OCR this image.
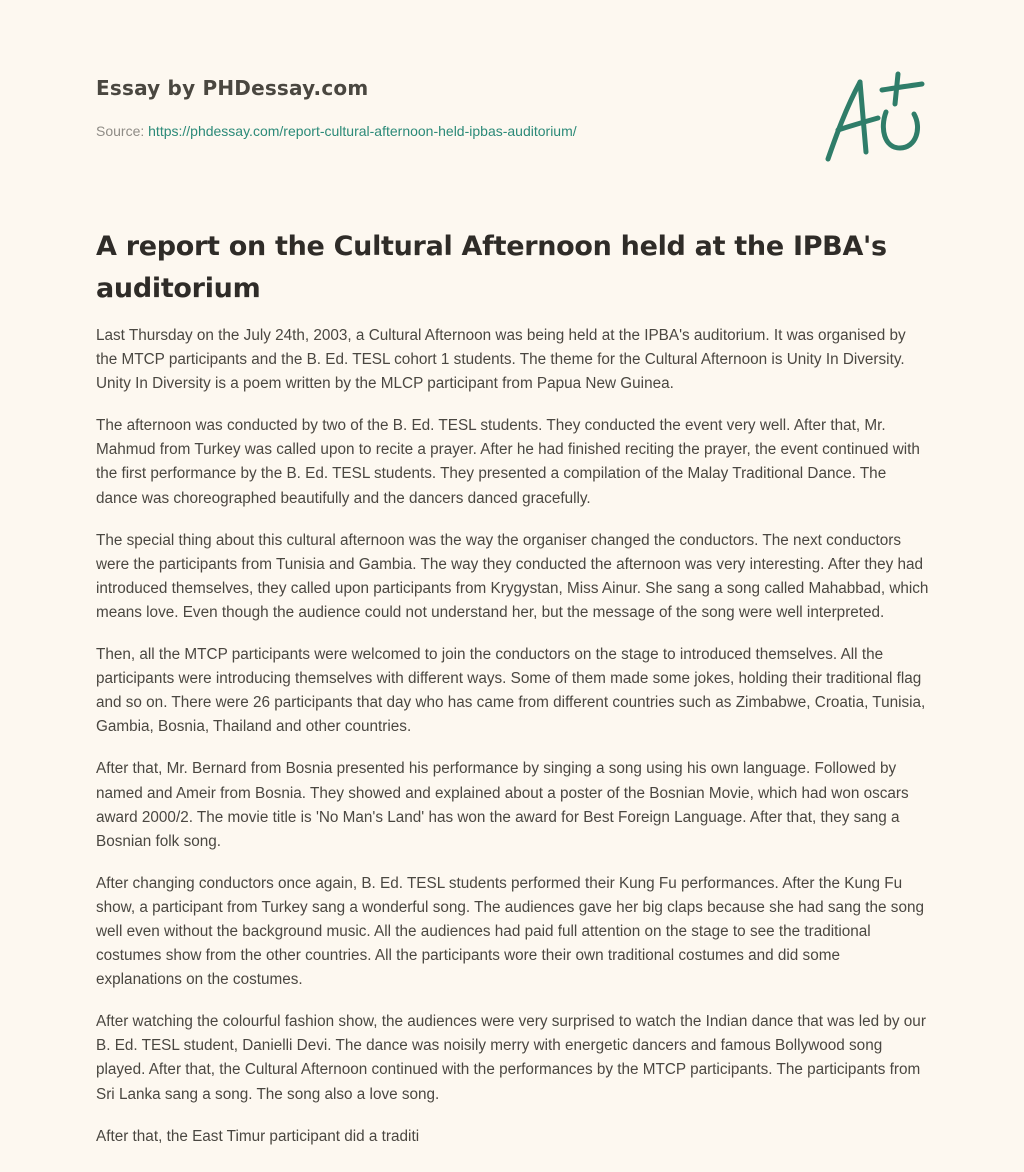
Essay by PHDessay.com
Source: https://phdessay.com/report-cultural-afternoon-held-ipbas-auditorium/
A report on the Cultural Afternoon held at the IPBA's auditorium

Last Thursday on the July 24th, 2003, a Cultural Afternoon was being held at the IPBA's auditorium. It was organised by the MTCP participants and the B. Ed. TESL cohort 1 students. The theme for the Cultural Afternoon is Unity In Diversity. Unity In Diversity is a poem written by the MLCP participant from Papua New Guinea.

The afternoon was conducted by two of the B. Ed. TESL students. They conducted the event very well. After that, Mr. Mahmud from Turkey was called upon to recite a prayer. After he had finished reciting the prayer, the event continued with the first performance by the B. Ed. TESL students. They presented a compilation of the Malay Traditional Dance. The dance was choreographed beautifully and the dancers danced gracefully.

The special thing about this cultural afternoon was the way the organiser changed the conductors. The next conductors were the participants from Tunisia and Gambia. The way they conducted the afternoon was very interesting. After they had introduced themselves, they called upon participants from Krygystan, Miss Ainur. She sang a song called Mahabbad, which means love. Even though the audience could not understand her, but the message of the song were well interpreted.

Then, all the MTCP participants were welcomed to join the conductors on the stage to introduced themselves. All the participants were introducing themselves with different ways. Some of them made some jokes, holding their traditional flag and so on. There were 26 participants that day who has came from different countries such as Zimbabwe, Croatia, Tunisia, Gambia, Bosnia, Thailand and other countries.

After that, Mr. Bernard from Bosnia presented his performance by singing a song using his own language. Followed by named and Ameir from Bosnia. They showed and explained about a poster of the Bosnian Movie, which had won oscars award 2000/2. The movie title is 'No Man's Land' has won the award for Best Foreign Language. After that, they sang a Bosnian folk song.

After changing conductors once again, B. Ed. TESL students performed their Kung Fu performances. After the Kung Fu show, a participant from Turkey sang a wonderful song. The audiences gave her big claps because she had sang the song well even without the background music. All the audiences had paid full attention on the stage to see the traditional costumes show from the other countries. All the participants wore their own traditional costumes and did some explanations on the costumes.

After watching the colourful fashion show, the audiences were very surprised to watch the Indian dance that was led by our B. Ed. TESL student, Danielli Devi. The dance was noisily merry with energetic dancers and famous Bollywood song played. After that, the Cultural Afternoon continued with the performances by the MTCP participants. The participants from Sri Lanka sang a song. The song also a love song.

After that, the East Timur participant did a traditi
